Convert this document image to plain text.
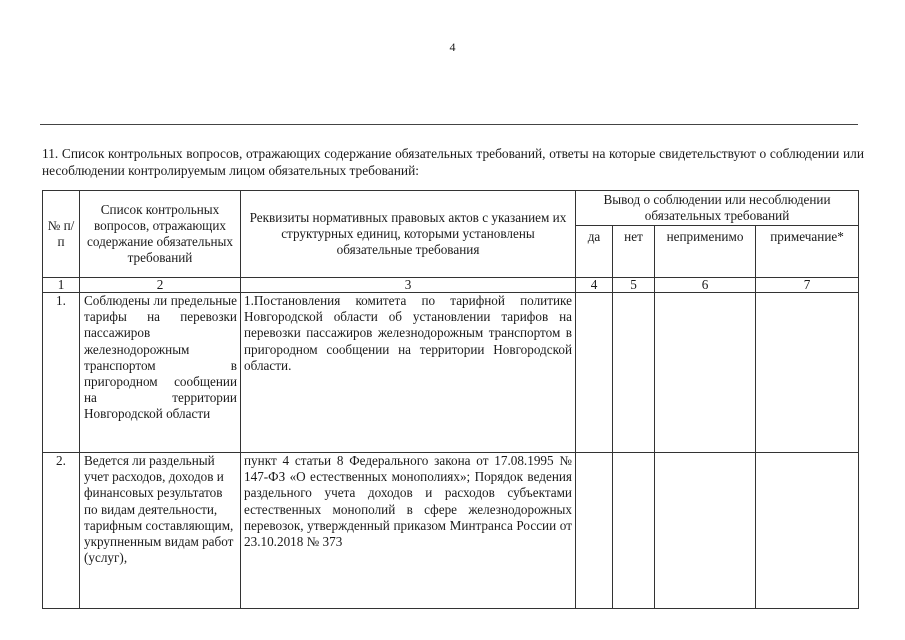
4

11. Список контрольных вопросов, отражающих содержание обязательных требований, ответы на которые свидетельствуют о соблюдении или несоблюдении контролируемым лицом обязательных требований:

№ п/п	Список контрольных вопросов, отражающих содержание обязательных требований	Реквизиты нормативных правовых актов с указанием их структурных единиц, которыми установлены обязательные требования	Вывод о соблюдении или несоблюдении обязательных требований			
			да	нет	неприменимо	примечание*
1	2	3	4	5	6	7
1.	Соблюдены ли предельные тарифы на перевозки пассажиров железнодорожным транспортом в пригородном сообщении на территории Новгородской области	1.Постановления комитета по тарифной политике Новгородской области об установлении тарифов на перевозки пассажиров железнодорожным транспортом в пригородном сообщении на территории Новгородской области.				
2.	Ведется ли раздельный учет расходов, доходов и финансовых результатов по видам деятельности, тарифным составляющим, укрупненным видам работ (услуг),	пункт 4 статьи 8 Федерального закона от 17.08.1995 № 147-ФЗ «О естественных монополиях»; Порядок ведения раздельного учета доходов и расходов субъектами естественных монополий в сфере железнодорожных перевозок, утвержденный приказом Минтранса России от 23.10.2018 № 373				
